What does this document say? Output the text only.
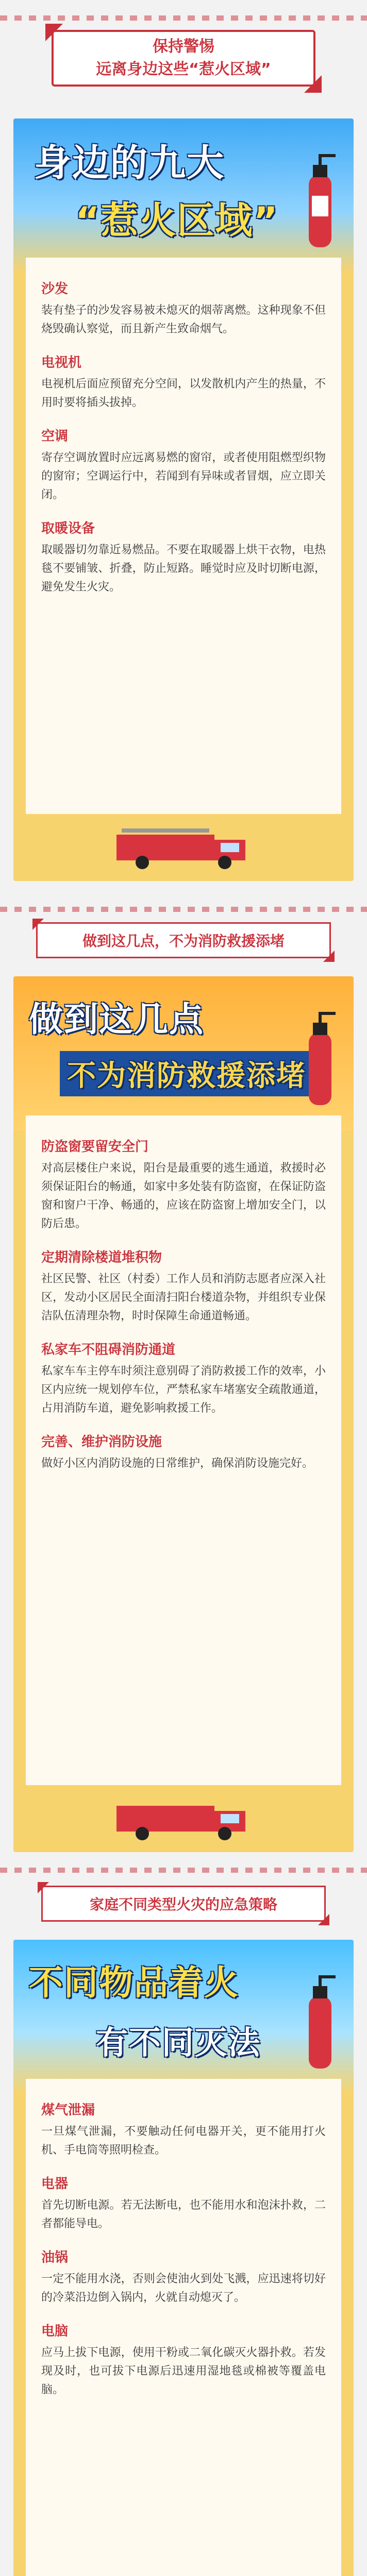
保持警惕
远离身边这些“惹火区域”
身边的九大
“惹火区域”
沙发

装有垫子的沙发容易被未熄灭的烟蒂离燃。这种现象不但烧毁确认察觉，而且新产生致命烟气。

电视机

电视机后面应预留充分空间，以发散机内产生的热量，不用时要将插头拔掉。

空调

寄存空调放置时应远离易燃的窗帘，或者使用阻燃型织物的窗帘；空调运行中，若闻到有异味或者冒烟，应立即关闭。

取暖设备

取暖器切勿靠近易燃品。不要在取暖器上烘干衣物，电热毯不要铺皱、折叠，防止短路。睡觉时应及时切断电源，避免发生火灾。

做到这几点，不为消防救援添堵
做到这几点
不为消防救援添堵
防盗窗要留安全门

对高层楼住户来说，阳台是最重要的逃生通道，救援时必须保证阳台的畅通，如家中多处装有防盗窗，在保证防盗窗和窗户干净、畅通的，应该在防盗窗上增加安全门，以防后患。

定期清除楼道堆积物

社区民警、社区（村委）工作人员和消防志愿者应深入社区，发动小区居民全面清扫阳台楼道杂物，并组织专业保洁队伍清理杂物，时时保障生命通道畅通。

私家车不阻碍消防通道

私家车车主停车时须注意别碍了消防救援工作的效率，小区内应统一规划停车位，严禁私家车堵塞安全疏散通道，占用消防车道，避免影响救援工作。

完善、维护消防设施

做好小区内消防设施的日常维护，确保消防设施完好。

家庭不同类型火灾的应急策略
不同物品着火
有不同灭法
煤气泄漏

一旦煤气泄漏，不要触动任何电器开关，更不能用打火机、手电筒等照明检查。

电器

首先切断电源。若无法断电，也不能用水和泡沫扑救，二者都能导电。

油锅

一定不能用水浇，否则会使油火到处飞溅，应迅速将切好的冷菜沿边倒入锅内，火就自动熄灭了。

电脑

应马上拔下电源，使用干粉或二氧化碳灭火器扑救。若发现及时，也可拔下电源后迅速用湿地毯或棉被等覆盖电脑。
